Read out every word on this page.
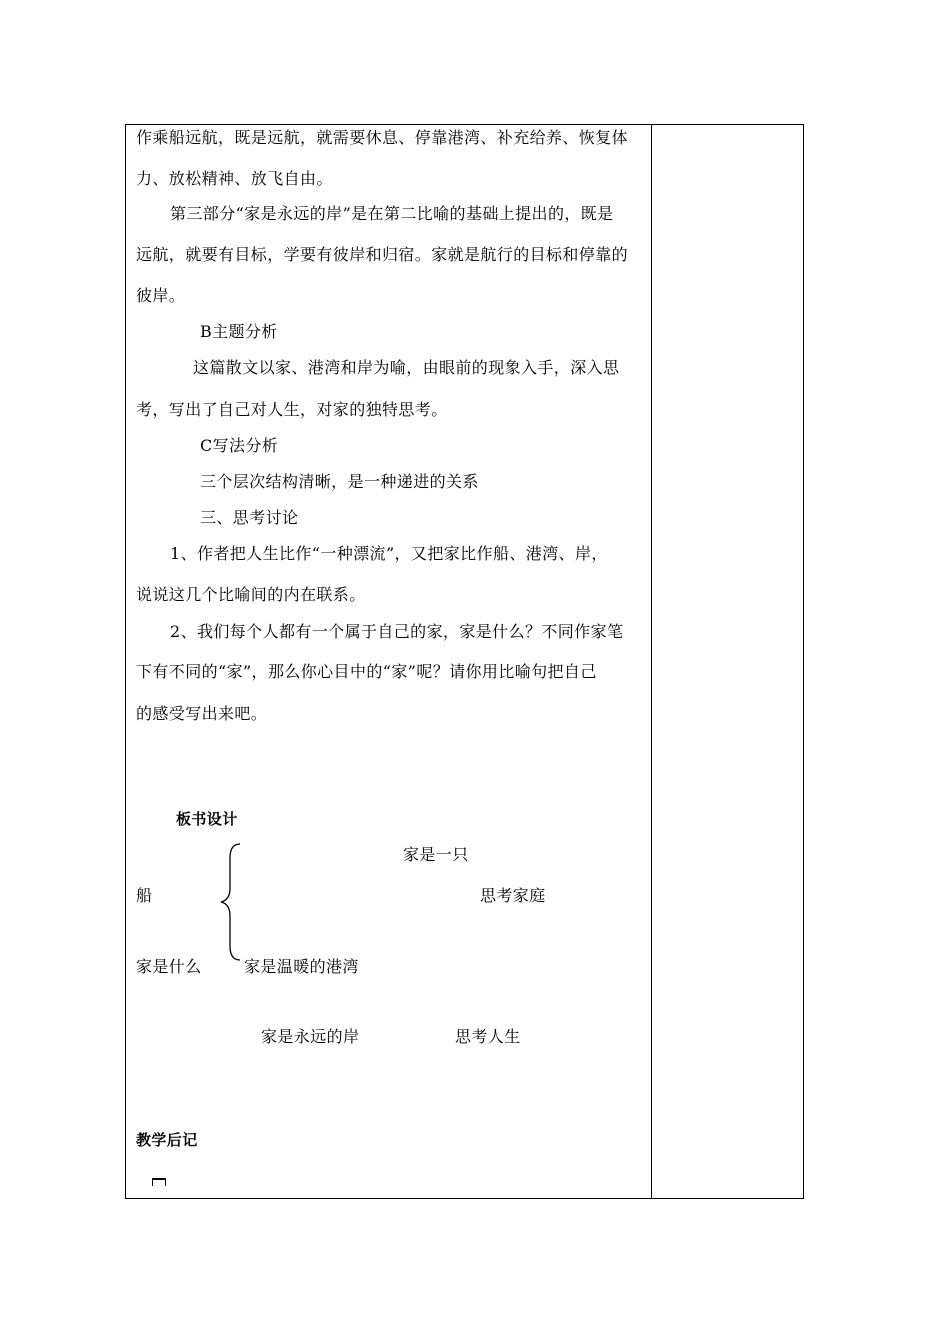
作乘船远航，既是远航，就需要休息、停靠港湾、补充给养、恢复体
力、放松精神、放飞自由。
第三部分“家是永远的岸”是在第二比喻的基础上提出的，既是
远航，就要有目标，学要有彼岸和归宿。家就是航行的目标和停靠的
彼岸。
B主题分析
这篇散文以家、港湾和岸为喻，由眼前的现象入手，深入思
考，写出了自己对人生，对家的独特思考。
C写法分析
三个层次结构清晰，是一种递进的关系
三、思考讨论
1、作者把人生比作“一种漂流”，又把家比作船、港湾、岸，
说说这几个比喻间的内在联系。
2、我们每个人都有一个属于自己的家，家是什么？不同作家笔
下有不同的“家”，那么你心目中的“家”呢？请你用比喻句把自己
的感受写出来吧。
板书设计
家是一只
船	思考家庭
家是什么	家是温暖的港湾
家是永远的岸	思考人生
教学后记
